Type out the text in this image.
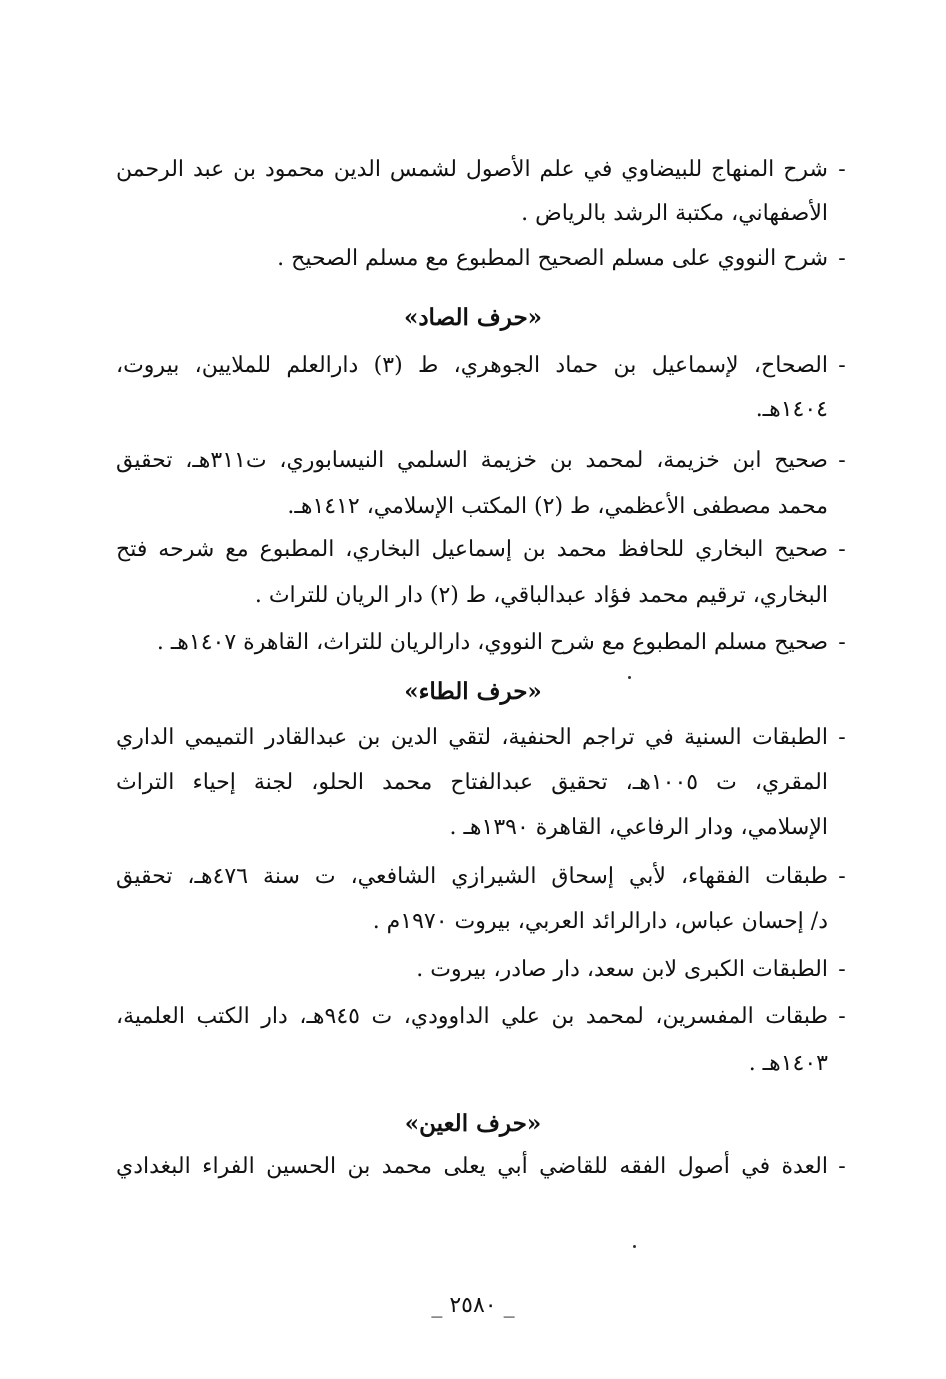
-
شرح المنهاج للبيضاوي في علم الأصول لشمس الدين محمود بن عبد الرحمن
الأصفهاني، مكتبة الرشد بالرياض .
-
شرح النووي على مسلم الصحيح المطبوع مع مسلم الصحيح .
«حرف الصاد»
-
الصحاح، لإسماعيل بن حماد الجوهري، ط (٣) دارالعلم للملايين، بيروت،
١٤٠٤هـ.
-
صحيح ابن خزيمة، لمحمد بن خزيمة السلمي النيسابوري، ت٣١١هـ، تحقيق
محمد مصطفى الأعظمي، ط (٢) المكتب الإسلامي، ١٤١٢هـ.
-
صحيح البخاري للحافظ محمد بن إسماعيل البخاري، المطبوع مع شرحه فتح
البخاري، ترقيم محمد فؤاد عبدالباقي، ط (٢) دار الريان للتراث .
-
صحيح مسلم المطبوع مع شرح النووي، دارالريان للتراث، القاهرة ١٤٠٧هـ .
«حرف الطاء»
-
الطبقات السنية في تراجم الحنفية، لتقي الدين بن عبدالقادر التميمي الداري
المقري، ت ١٠٠٥هـ، تحقيق عبدالفتاح محمد الحلو، لجنة إحياء التراث
الإسلامي، ودار الرفاعي، القاهرة ١٣٩٠هـ .
-
طبقات الفقهاء، لأبي إسحاق الشيرازي الشافعي، ت سنة ٤٧٦هـ، تحقيق
د/ إحسان عباس، دارالرائد العربي، بيروت ١٩٧٠م .
-
الطبقات الكبرى لابن سعد، دار صادر، بيروت .
-
طبقات المفسرين، لمحمد بن علي الداوودي، ت ٩٤٥هـ، دار الكتب العلمية،
١٤٠٣هـ .
«حرف العين»
-
العدة في أصول الفقه للقاضي أبي يعلى محمد بن الحسين الفراء البغدادي
_ ٢٥٨٠ _
